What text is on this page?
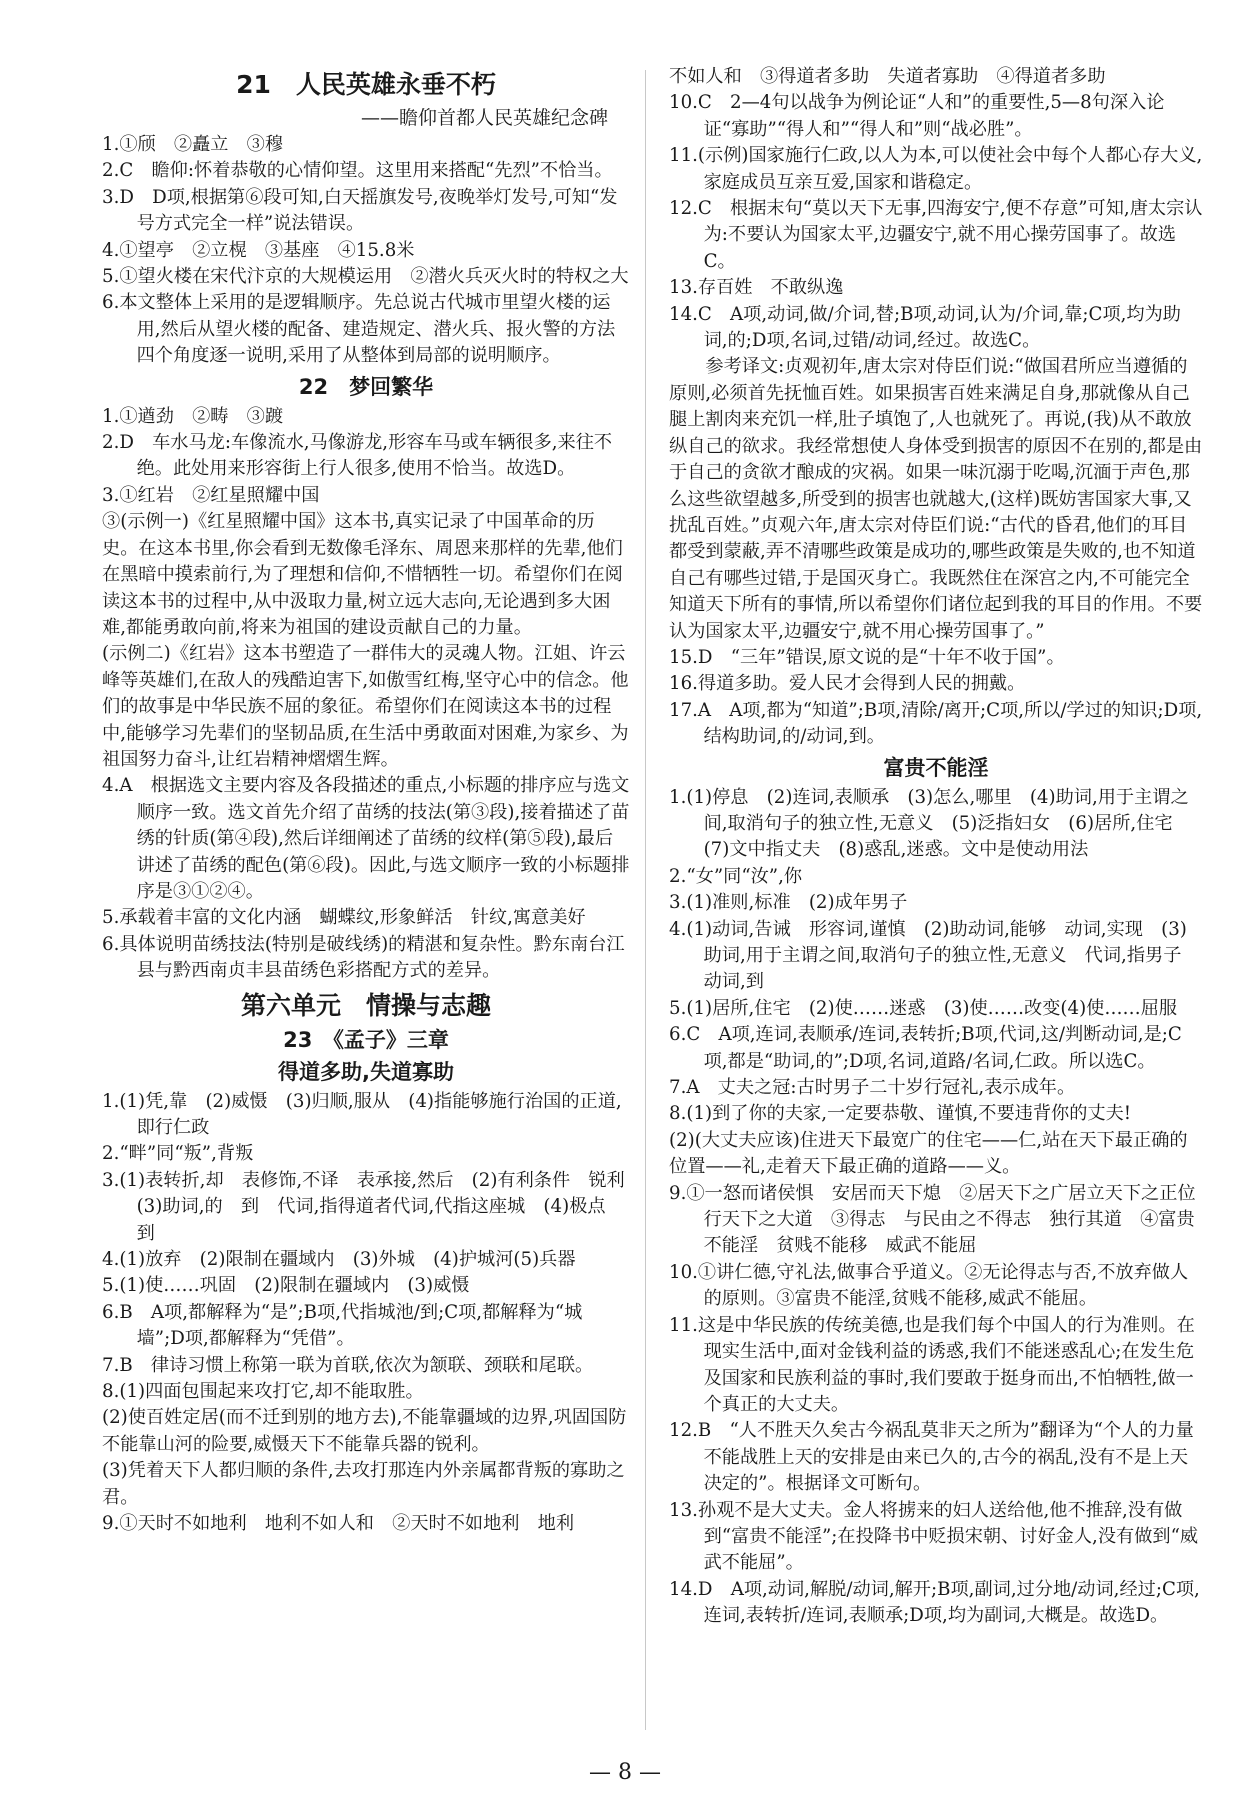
21　人民英雄永垂不朽
——瞻仰首都人民英雄纪念碑
1.①颀　②矗立　③穆
2.C　瞻仰:怀着恭敬的心情仰望。这里用来搭配“先烈”不恰当。
3.D　D项,根据第⑥段可知,白天摇旗发号,夜晚举灯发号,可知“发号方式完全一样”说法错误。
4.①望亭　②立榥　③基座　④15.8米
5.①望火楼在宋代汴京的大规模运用　②潜火兵灭火时的特权之大
6.本文整体上采用的是逻辑顺序。先总说古代城市里望火楼的运用,然后从望火楼的配备、建造规定、潜火兵、报火警的方法四个角度逐一说明,采用了从整体到局部的说明顺序。
22　梦回繁华
1.①遒劲　②畴　③踱
2.D　车水马龙:车像流水,马像游龙,形容车马或车辆很多,来往不绝。此处用来形容街上行人很多,使用不恰当。故选D。
3.①红岩　②红星照耀中国
③(示例一)《红星照耀中国》这本书,真实记录了中国革命的历史。在这本书里,你会看到无数像毛泽东、周恩来那样的先辈,他们在黑暗中摸索前行,为了理想和信仰,不惜牺牲一切。希望你们在阅读这本书的过程中,从中汲取力量,树立远大志向,无论遇到多大困难,都能勇敢向前,将来为祖国的建设贡献自己的力量。
(示例二)《红岩》这本书塑造了一群伟大的灵魂人物。江姐、许云峰等英雄们,在敌人的残酷迫害下,如傲雪红梅,坚守心中的信念。他们的故事是中华民族不屈的象征。希望你们在阅读这本书的过程中,能够学习先辈们的坚韧品质,在生活中勇敢面对困难,为家乡、为祖国努力奋斗,让红岩精神熠熠生辉。
4.A　根据选文主要内容及各段描述的重点,小标题的排序应与选文顺序一致。选文首先介绍了苗绣的技法(第③段),接着描述了苗绣的针质(第④段),然后详细阐述了苗绣的纹样(第⑤段),最后讲述了苗绣的配色(第⑥段)。因此,与选文顺序一致的小标题排序是③①②④。
5.承载着丰富的文化内涵　蝴蝶纹,形象鲜活　针纹,寓意美好
6.具体说明苗绣技法(特别是破线绣)的精湛和复杂性。黔东南台江县与黔西南贞丰县苗绣色彩搭配方式的差异。
第六单元　情操与志趣
23　《孟子》三章
得道多助,失道寡助
1.(1)凭,靠　(2)威慑　(3)归顺,服从　(4)指能够施行治国的正道,即行仁政
2.“畔”同“叛”,背叛
3.(1)表转折,却　表修饰,不译　表承接,然后　(2)有利条件　锐利　(3)助词,的　到　代词,指得道者代词,代指这座城　(4)极点　到
4.(1)放弃　(2)限制在疆域内　(3)外城　(4)护城河(5)兵器
5.(1)使……巩固　(2)限制在疆域内　(3)威慑
6.B　A项,都解释为“是”;B项,代指城池/到;C项,都解释为“城墙”;D项,都解释为“凭借”。
7.B　律诗习惯上称第一联为首联,依次为颔联、颈联和尾联。
8.(1)四面包围起来攻打它,却不能取胜。
(2)使百姓定居(而不迁到别的地方去),不能靠疆域的边界,巩固国防不能靠山河的险要,威慑天下不能靠兵器的锐利。
(3)凭着天下人都归顺的条件,去攻打那连内外亲属都背叛的寡助之君。
9.①天时不如地利　地利不如人和　②天时不如地利　地利
不如人和　③得道者多助　失道者寡助　④得道者多助
10.C　2—4句以战争为例论证“人和”的重要性,5—8句深入论证“寡助”“得人和”“得人和”则“战必胜”。
11.(示例)国家施行仁政,以人为本,可以使社会中每个人都心存大义,家庭成员互亲互爱,国家和谐稳定。
12.C　根据末句“莫以天下无事,四海安宁,便不存意”可知,唐太宗认为:不要认为国家太平,边疆安宁,就不用心操劳国事了。故选C。
13.存百姓　不敢纵逸
14.C　A项,动词,做/介词,替;B项,动词,认为/介词,靠;C项,均为助词,的;D项,名词,过错/动词,经过。故选C。
参考译文:贞观初年,唐太宗对侍臣们说:“做国君所应当遵循的原则,必须首先抚恤百姓。如果损害百姓来满足自身,那就像从自己腿上割肉来充饥一样,肚子填饱了,人也就死了。再说,(我)从不敢放纵自己的欲求。我经常想使人身体受到损害的原因不在别的,都是由于自己的贪欲才酿成的灾祸。如果一味沉溺于吃喝,沉湎于声色,那么这些欲望越多,所受到的损害也就越大,(这样)既妨害国家大事,又扰乱百姓。”贞观六年,唐太宗对侍臣们说:“古代的昏君,他们的耳目都受到蒙蔽,弄不清哪些政策是成功的,哪些政策是失败的,也不知道自己有哪些过错,于是国灭身亡。我既然住在深宫之内,不可能完全知道天下所有的事情,所以希望你们诸位起到我的耳目的作用。不要认为国家太平,边疆安宁,就不用心操劳国事了。”
15.D　“三年”错误,原文说的是“十年不收于国”。
16.得道多助。爱人民才会得到人民的拥戴。
17.A　A项,都为“知道”;B项,清除/离开;C项,所以/学过的知识;D项,结构助词,的/动词,到。
富贵不能淫
1.(1)停息　(2)连词,表顺承　(3)怎么,哪里　(4)助词,用于主谓之间,取消句子的独立性,无意义　(5)泛指妇女　(6)居所,住宅　(7)文中指丈夫　(8)惑乱,迷惑。文中是使动用法
2.“女”同“汝”,你
3.(1)准则,标准　(2)成年男子
4.(1)动词,告诫　形容词,谨慎　(2)助动词,能够　动词,实现　(3)助词,用于主谓之间,取消句子的独立性,无意义　代词,指男子　动词,到
5.(1)居所,住宅　(2)使……迷惑　(3)使……改变(4)使……屈服
6.C　A项,连词,表顺承/连词,表转折;B项,代词,这/判断动词,是;C项,都是“助词,的”;D项,名词,道路/名词,仁政。所以选C。
7.A　丈夫之冠:古时男子二十岁行冠礼,表示成年。
8.(1)到了你的夫家,一定要恭敬、谨慎,不要违背你的丈夫!
(2)(大丈夫应该)住进天下最宽广的住宅——仁,站在天下最正确的位置——礼,走着天下最正确的道路——义。
9.①一怒而诸侯惧　安居而天下熄　②居天下之广居立天下之正位　行天下之大道　③得志　与民由之不得志　独行其道　④富贵不能淫　贫贱不能移　威武不能屈
10.①讲仁德,守礼法,做事合乎道义。②无论得志与否,不放弃做人的原则。③富贵不能淫,贫贱不能移,威武不能屈。
11.这是中华民族的传统美德,也是我们每个中国人的行为准则。在现实生活中,面对金钱利益的诱惑,我们不能迷惑乱心;在发生危及国家和民族利益的事时,我们要敢于挺身而出,不怕牺牲,做一个真正的大丈夫。
12.B　“人不胜天久矣古今祸乱莫非天之所为”翻译为“个人的力量不能战胜上天的安排是由来已久的,古今的祸乱,没有不是上天决定的”。根据译文可断句。
13.孙观不是大丈夫。金人将掳来的妇人送给他,他不推辞,没有做到“富贵不能淫”;在投降书中贬损宋朝、讨好金人,没有做到“威武不能屈”。
14.D　A项,动词,解脱/动词,解开;B项,副词,过分地/动词,经过;C项,连词,表转折/连词,表顺承;D项,均为副词,大概是。故选D。
— 8 —
